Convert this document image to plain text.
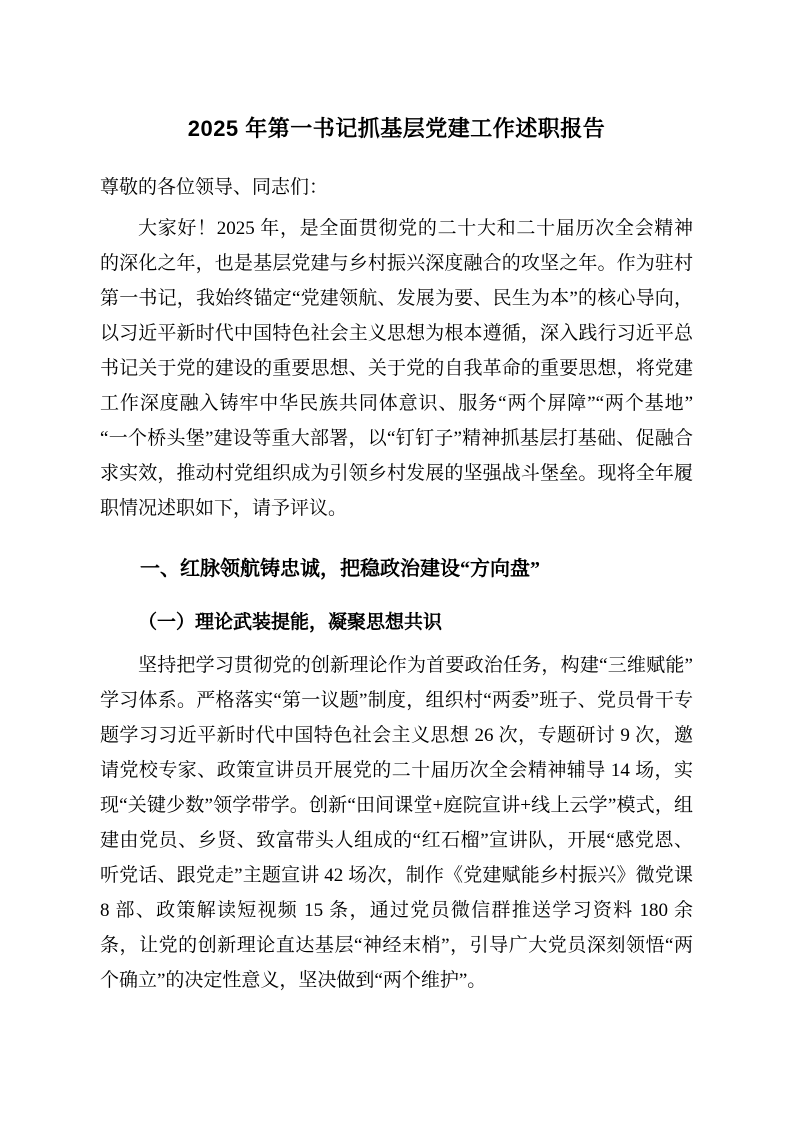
2025 年第一书记抓基层党建工作述职报告

尊敬的各位领导、同志们：

大家好！2025 年，是全面贯彻党的二十大和二十届历次全会精神的深化之年，也是基层党建与乡村振兴深度融合的攻坚之年。作为驻村第一书记，我始终锚定“党建领航、发展为要、民生为本”的核心导向，以习近平新时代中国特色社会主义思想为根本遵循，深入践行习近平总书记关于党的建设的重要思想、关于党的自我革命的重要思想，将党建工作深度融入铸牢中华民族共同体意识、服务“两个屏障”“两个基地”“一个桥头堡”建设等重大部署，以“钉钉子”精神抓基层打基础、促融合求实效，推动村党组织成为引领乡村发展的坚强战斗堡垒。现将全年履职情况述职如下，请予评议。

一、红脉领航铸忠诚，把稳政治建设“方向盘”
（一）理论武装提能，凝聚思想共识

坚持把学习贯彻党的创新理论作为首要政治任务，构建“三维赋能”学习体系。严格落实“第一议题”制度，组织村“两委”班子、党员骨干专题学习习近平新时代中国特色社会主义思想 26 次，专题研讨 9 次，邀请党校专家、政策宣讲员开展党的二十届历次全会精神辅导 14 场，实现“关键少数”领学带学。创新“田间课堂+庭院宣讲+线上云学”模式，组建由党员、乡贤、致富带头人组成的“红石榴”宣讲队，开展“感党恩、听党话、跟党走”主题宣讲 42 场次，制作《党建赋能乡村振兴》微党课 8 部、政策解读短视频 15 条，通过党员微信群推送学习资料 180 余条，让党的创新理论直达基层“神经末梢”，引导广大党员深刻领悟“两个确立”的决定性意义，坚决做到“两个维护”。
